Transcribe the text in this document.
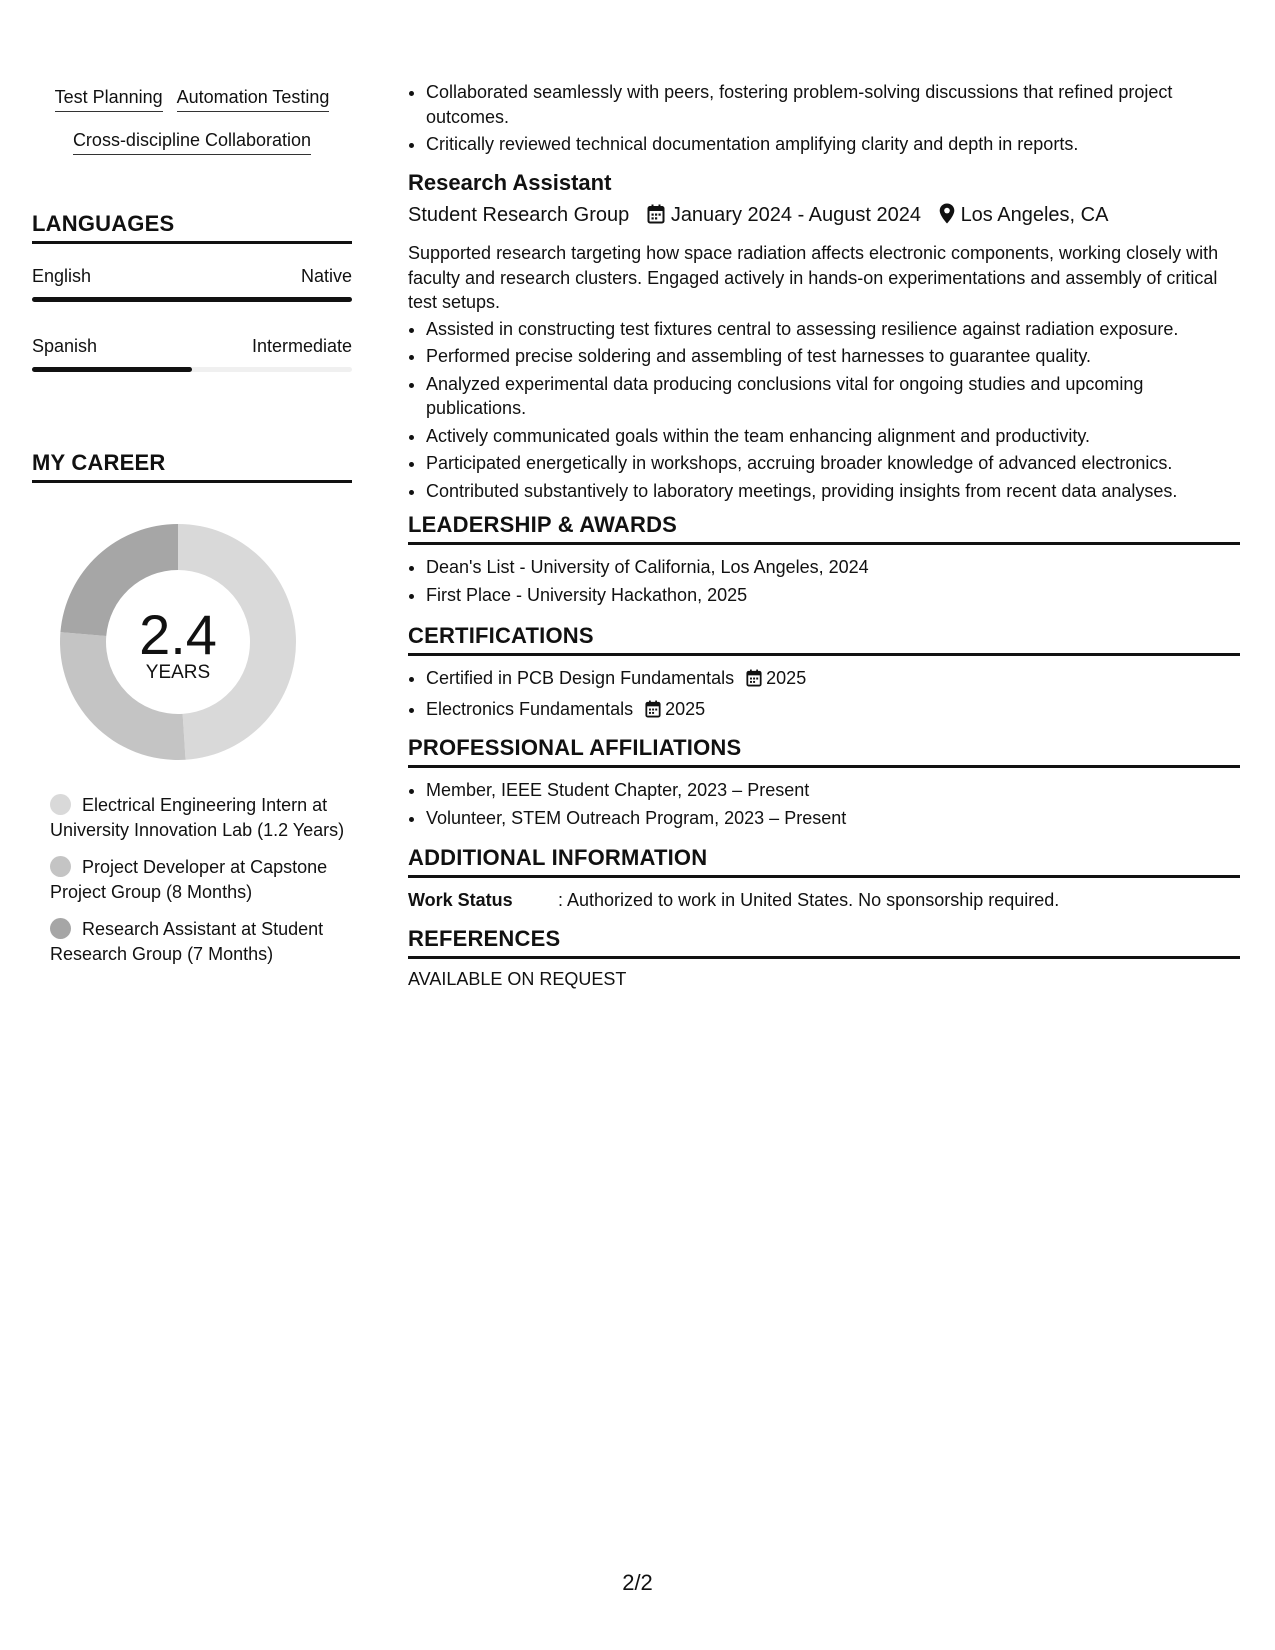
Test Planning Automation Testing
Cross-discipline Collaboration
LANGUAGES
English	Native
Spanish	Intermediate
MY CAREER
2.4
YEARS
Electrical Engineering Intern at University Innovation Lab (1.2 Years)
Project Developer at Capstone Project Group (8 Months)
Research Assistant at Student Research Group (7 Months)
• Collaborated seamlessly with peers, fostering problem-solving discussions that refined project outcomes.
• Critically reviewed technical documentation amplifying clarity and depth in reports.
Research Assistant
Student Research Group January 2024 - August 2024 Los Angeles, CA
Supported research targeting how space radiation affects electronic components, working closely with faculty and research clusters. Engaged actively in hands-on experimentations and assembly of critical test setups.
• Assisted in constructing test fixtures central to assessing resilience against radiation exposure.
• Performed precise soldering and assembling of test harnesses to guarantee quality.
• Analyzed experimental data producing conclusions vital for ongoing studies and upcoming publications.
• Actively communicated goals within the team enhancing alignment and productivity.
• Participated energetically in workshops, accruing broader knowledge of advanced electronics.
• Contributed substantively to laboratory meetings, providing insights from recent data analyses.
LEADERSHIP & AWARDS
• Dean's List - University of California, Los Angeles, 2024
• First Place - University Hackathon, 2025
CERTIFICATIONS
• Certified in PCB Design Fundamentals 2025
• Electronics Fundamentals 2025
PROFESSIONAL AFFILIATIONS
• Member, IEEE Student Chapter, 2023 – Present
• Volunteer, STEM Outreach Program, 2023 – Present
ADDITIONAL INFORMATION
Work Status	: Authorized to work in United States. No sponsorship required.
REFERENCES
AVAILABLE ON REQUEST
2/2
